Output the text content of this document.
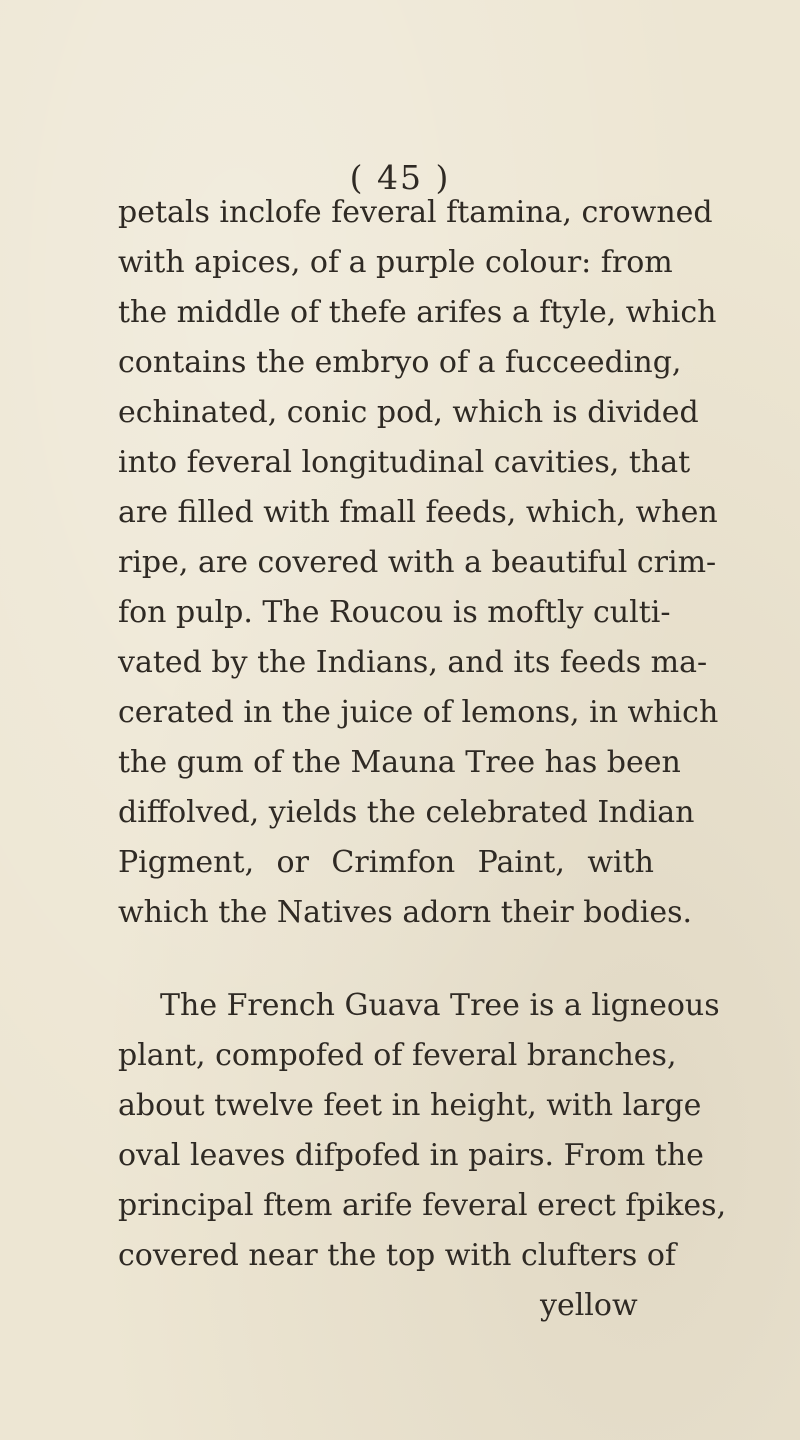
( 45 )
petals inclofe feveral ftamina, crowned
with apices, of a purple colour: from
the middle of thefe arifes a ftyle, which
contains the embryo of a fucceeding,
echinated, conic pod, which is divided
into feveral longitudinal cavities, that
are filled with fmall feeds, which, when
ripe, are covered with a beautiful crim-
fon pulp. The Roucou is moftly culti-
vated by the Indians, and its feeds ma-
cerated in the juice of lemons, in which
the gum of the Mauna Tree has been
diffolved, yields the celebrated Indian
Pigment, or Crimfon Paint, with
which the Natives adorn their bodies.
The French Guava Tree is a ligneous
plant, compofed of feveral branches,
about twelve feet in height, with large
oval leaves difpofed in pairs. From the
principal ftem arife feveral erect fpikes,
covered near the top with clufters of
yellow
